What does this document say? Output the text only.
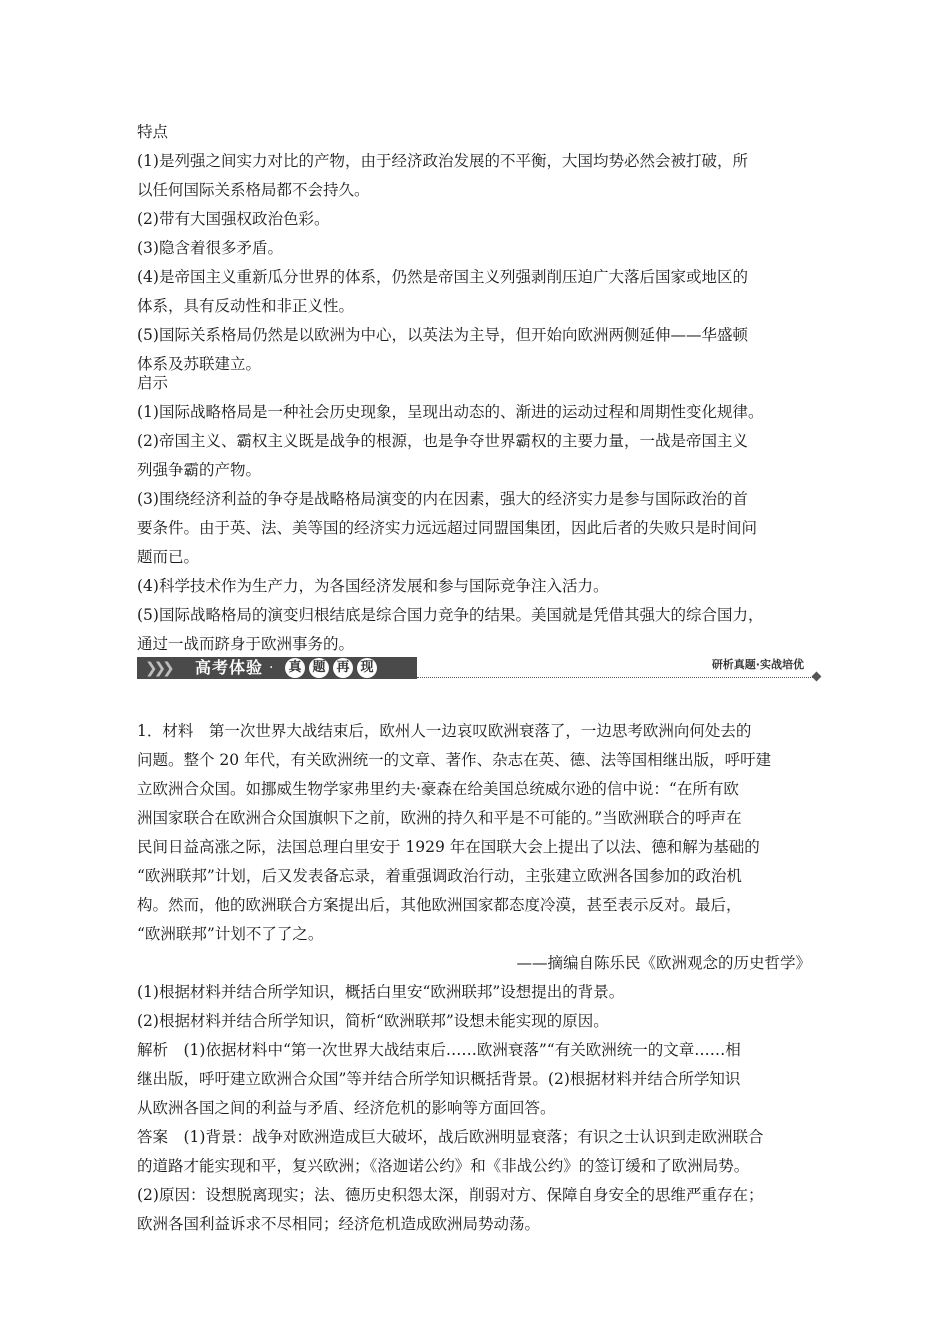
特点
(1)是列强之间实力对比的产物，由于经济政治发展的不平衡，大国均势必然会被打破，所
以任何国际关系格局都不会持久。
(2)带有大国强权政治色彩。
(3)隐含着很多矛盾。
(4)是帝国主义重新瓜分世界的体系，仍然是帝国主义列强剥削压迫广大落后国家或地区的
体系，具有反动性和非正义性。
(5)国际关系格局仍然是以欧洲为中心，以英法为主导，但开始向欧洲两侧延伸——华盛顿
体系及苏联建立。
启示
(1)国际战略格局是一种社会历史现象，呈现出动态的、渐进的运动过程和周期性变化规律。
(2)帝国主义、霸权主义既是战争的根源，也是争夺世界霸权的主要力量，一战是帝国主义
列强争霸的产物。
(3)围绕经济利益的争夺是战略格局演变的内在因素，强大的经济实力是参与国际政治的首
要条件。由于英、法、美等国的经济实力远远超过同盟国集团，因此后者的失败只是时间问
题而已。
(4)科学技术作为生产力，为各国经济发展和参与国际竞争注入活力。
(5)国际战略格局的演变归根结底是综合国力竞争的结果。美国就是凭借其强大的综合国力，
通过一战而跻身于欧洲事务的。
❯❯❯ 高考体验 · 真 题 再 现	研析真题·实战培优
1．材料　第一次世界大战结束后，欧州人一边哀叹欧洲衰落了，一边思考欧洲向何处去的
问题。整个 20 年代，有关欧洲统一的文章、著作、杂志在英、德、法等国相继出版，呼吁建
立欧洲合众国。如挪威生物学家弗里约夫·豪森在给美国总统威尔逊的信中说：“在所有欧
洲国家联合在欧洲合众国旗帜下之前，欧洲的持久和平是不可能的。”当欧洲联合的呼声在
民间日益高涨之际，法国总理白里安于 1929 年在国联大会上提出了以法、德和解为基础的
“欧洲联邦”计划，后又发表备忘录，着重强调政治行动，主张建立欧洲各国参加的政治机
构。然而，他的欧洲联合方案提出后，其他欧洲国家都态度冷漠，甚至表示反对。最后，
“欧洲联邦”计划不了了之。
——摘编自陈乐民《欧洲观念的历史哲学》
(1)根据材料并结合所学知识，概括白里安“欧洲联邦”设想提出的背景。
(2)根据材料并结合所学知识，简析“欧洲联邦”设想未能实现的原因。
解析　(1)依据材料中“第一次世界大战结束后……欧洲衰落”“有关欧洲统一的文章……相
继出版，呼吁建立欧洲合众国”等并结合所学知识概括背景。(2)根据材料并结合所学知识
从欧洲各国之间的利益与矛盾、经济危机的影响等方面回答。
答案　(1)背景：战争对欧洲造成巨大破坏，战后欧洲明显衰落；有识之士认识到走欧洲联合
的道路才能实现和平，复兴欧洲；《洛迦诺公约》和《非战公约》的签订缓和了欧洲局势。
(2)原因：设想脱离现实；法、德历史积怨太深，削弱对方、保障自身安全的思维严重存在；
欧洲各国利益诉求不尽相同；经济危机造成欧洲局势动荡。
